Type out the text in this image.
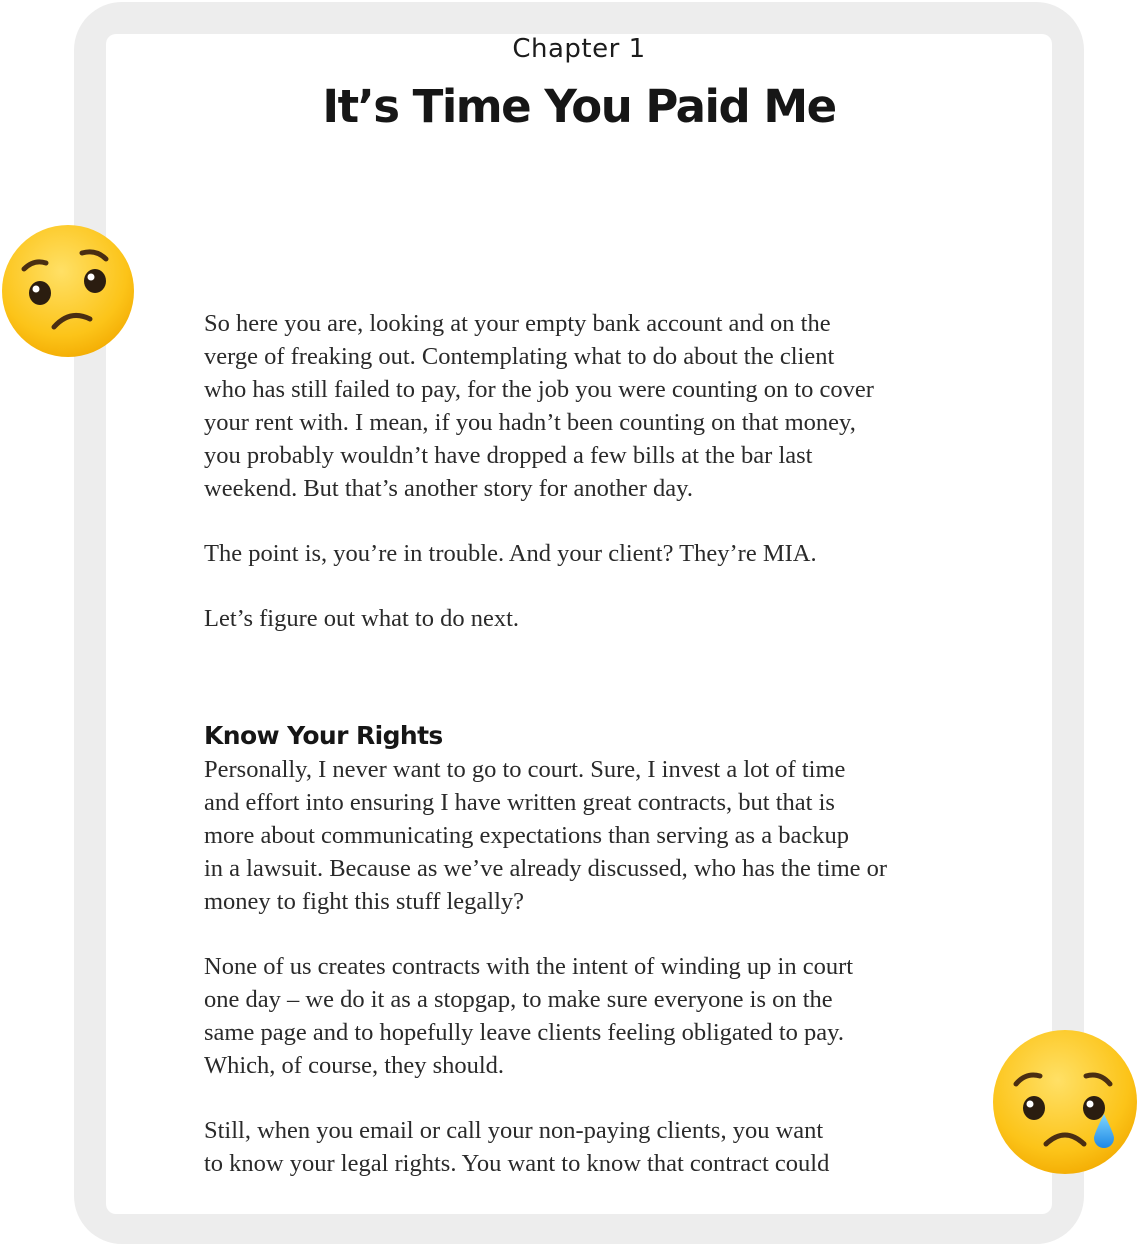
Chapter 1
It’s Time You Paid Me

So here you are, looking at your empty bank account and on the
verge of freaking out. Contemplating what to do about the client
who has still failed to pay, for the job you were counting on to cover
your rent with. I mean, if you hadn’t been counting on that money,
you probably wouldn’t have dropped a few bills at the bar last
weekend. But that’s another story for another day.

The point is, you’re in trouble. And your client? They’re MIA.

Let’s figure out what to do next.

Know Your Rights

Personally, I never want to go to court. Sure, I invest a lot of time
and effort into ensuring I have written great contracts, but that is
more about communicating expectations than serving as a backup
in a lawsuit. Because as we’ve already discussed, who has the time or
money to fight this stuff legally?

None of us creates contracts with the intent of winding up in court
one day – we do it as a stopgap, to make sure everyone is on the
same page and to hopefully leave clients feeling obligated to pay.
Which, of course, they should.

Still, when you email or call your non-paying clients, you want
to know your legal rights. You want to know that contract could
